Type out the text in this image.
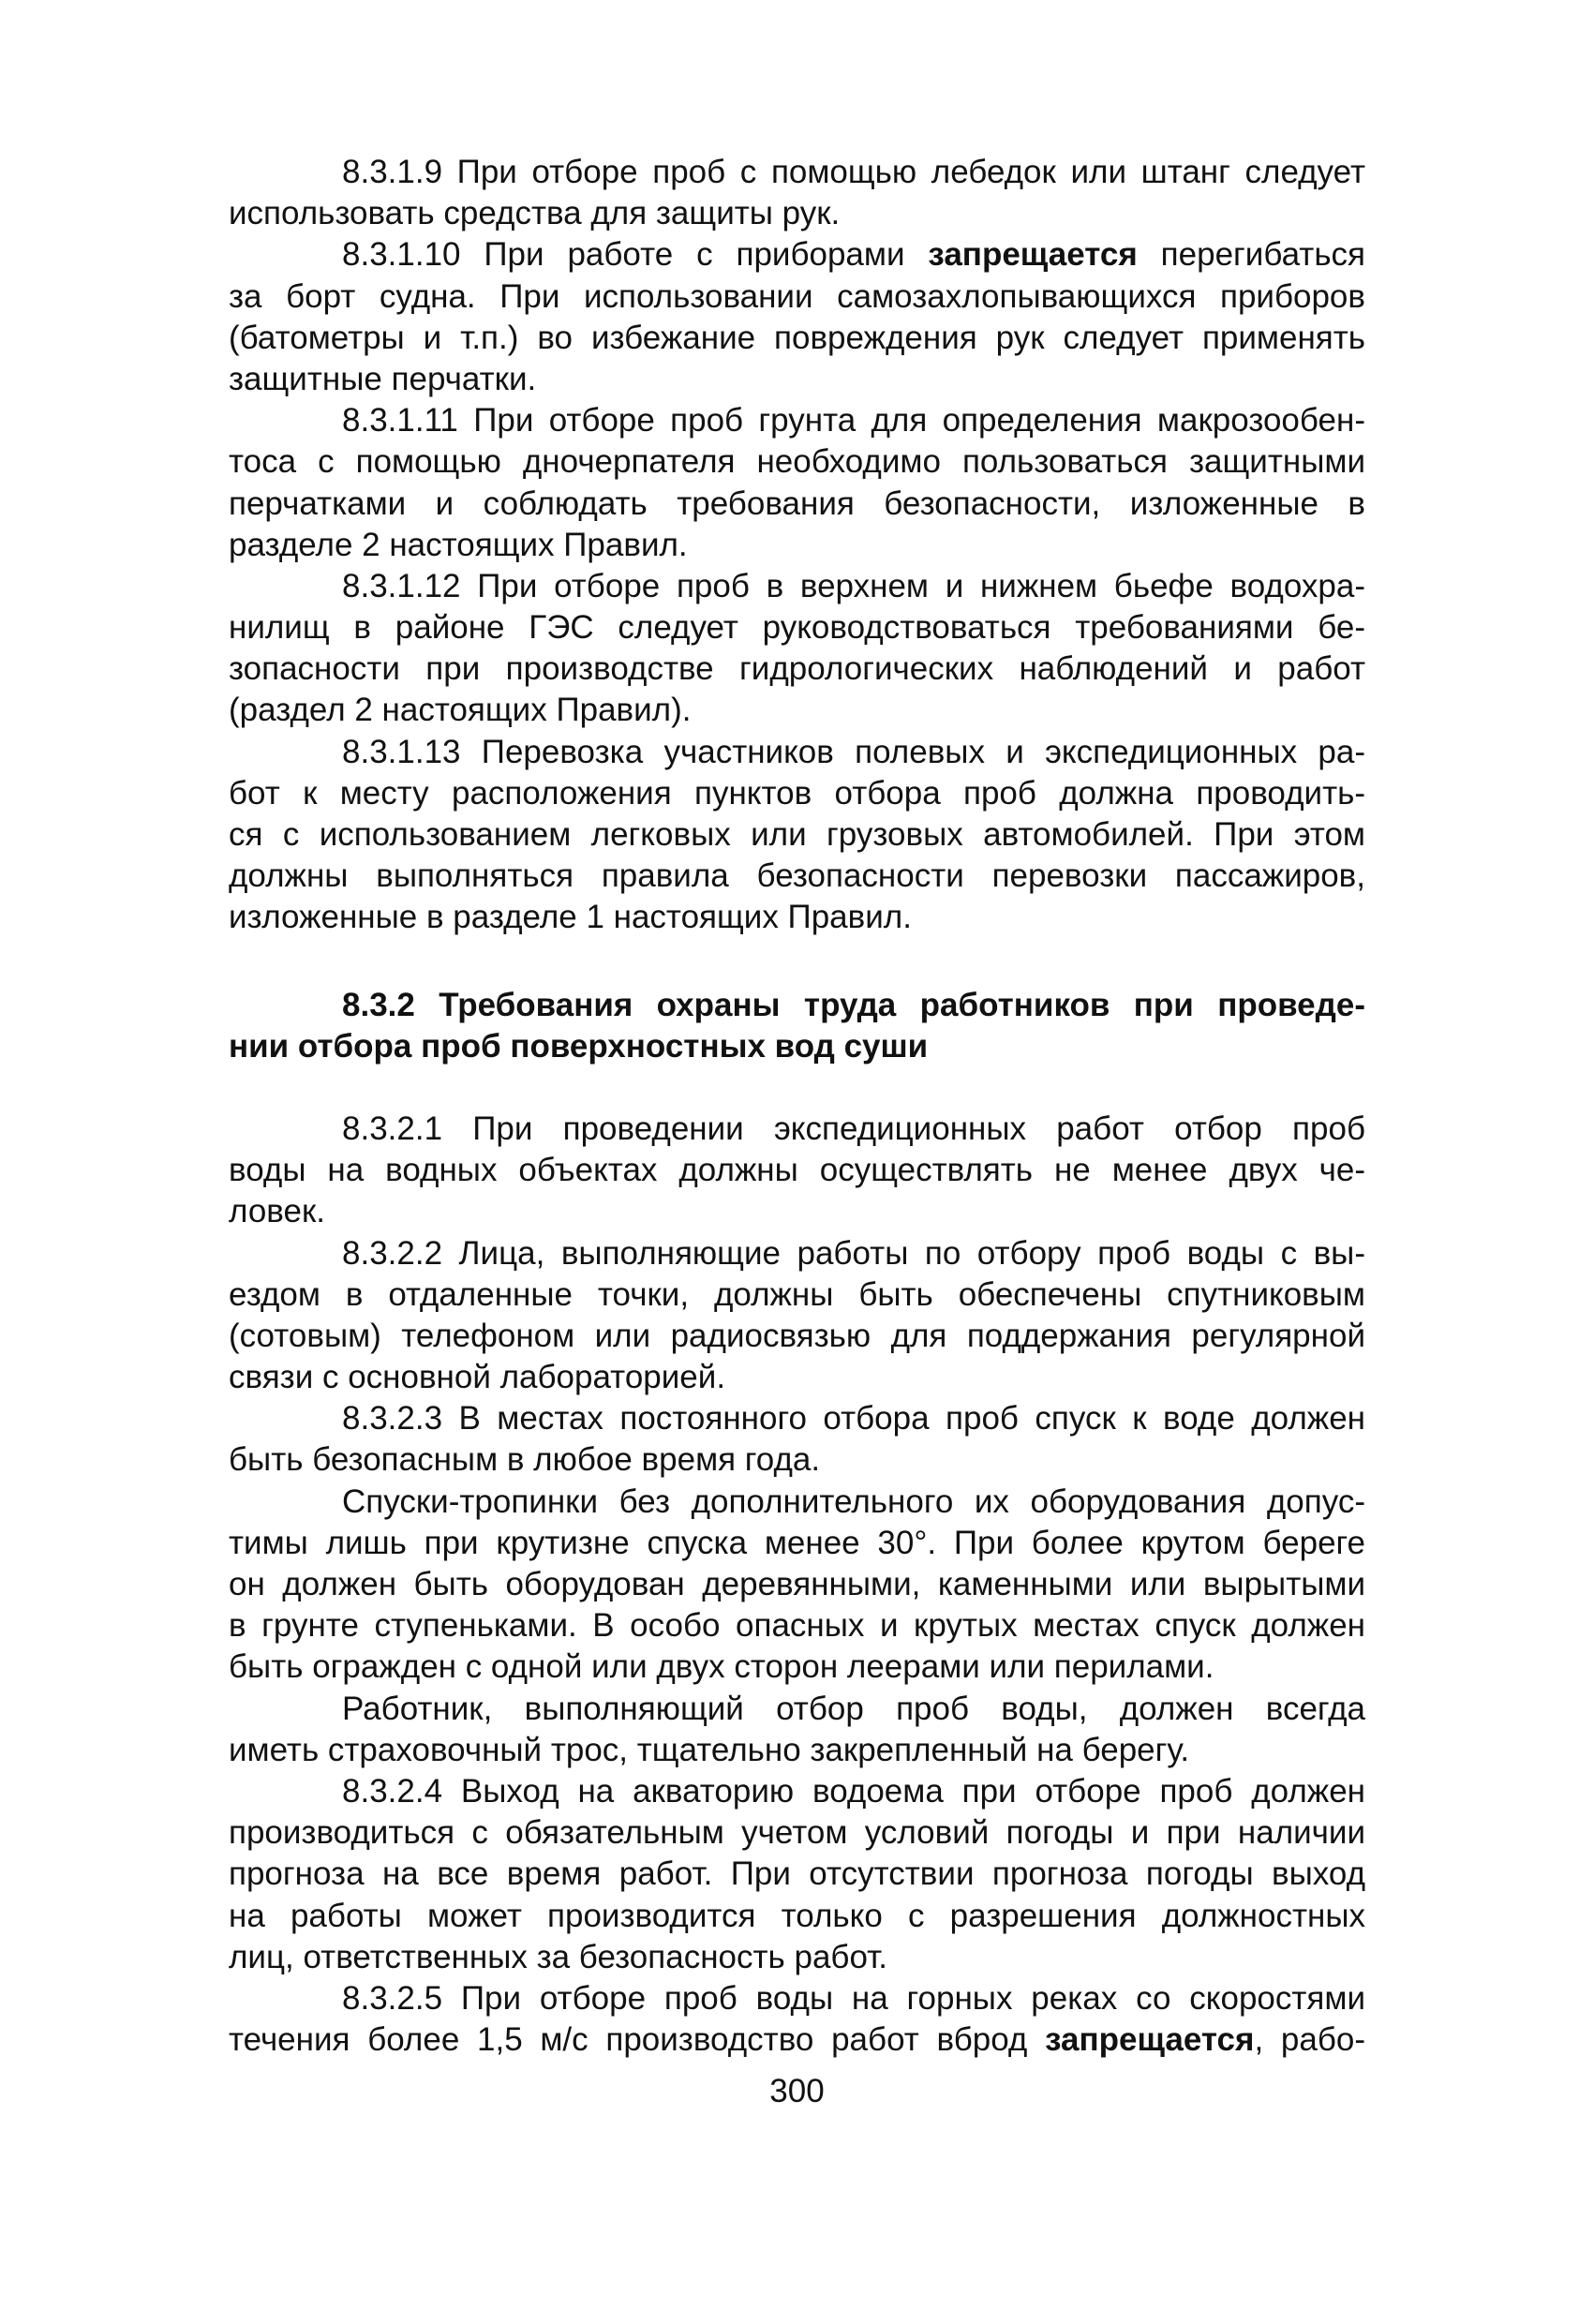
8.3.1.9 При отборе проб с помощью лебедок или штанг следует
использовать средства для защиты рук.
8.3.1.10 При работе с приборами запрещается перегибаться
за борт судна. При использовании самозахлопывающихся приборов
(батометры и т.п.) во избежание повреждения рук следует применять
защитные перчатки.
8.3.1.11 При отборе проб грунта для определения макрозообен-
тоса с помощью дночерпателя необходимо пользоваться защитными
перчатками и соблюдать требования безопасности, изложенные в
разделе 2 настоящих Правил.
8.3.1.12 При отборе проб в верхнем и нижнем бьефе водохра-
нилищ в районе ГЭС следует руководствоваться требованиями бе-
зопасности при производстве гидрологических наблюдений и работ
(раздел 2 настоящих Правил).
8.3.1.13 Перевозка участников полевых и экспедиционных ра-
бот к месту расположения пунктов отбора проб должна проводить-
ся с использованием легковых или грузовых автомобилей. При этом
должны выполняться правила безопасности перевозки пассажиров,
изложенные в разделе 1 настоящих Правил.
8.3.2 Требования охраны труда работников при проведе-
нии отбора проб поверхностных вод суши
8.3.2.1 При проведении экспедиционных работ отбор проб
воды на водных объектах должны осуществлять не менее двух че-
ловек.
8.3.2.2 Лица, выполняющие работы по отбору проб воды с вы-
ездом в отдаленные точки, должны быть обеспечены спутниковым
(сотовым) телефоном или радиосвязью для поддержания регулярной
связи с основной лабораторией.
8.3.2.3 В местах постоянного отбора проб спуск к воде должен
быть безопасным в любое время года.
Спуски-тропинки без дополнительного их оборудования допус-
тимы лишь при крутизне спуска менее 30°. При более крутом береге
он должен быть оборудован деревянными, каменными или вырытыми
в грунте ступеньками. В особо опасных и крутых местах спуск должен
быть огражден с одной или двух сторон леерами или перилами.
Работник, выполняющий отбор проб воды, должен всегда
иметь страховочный трос, тщательно закрепленный на берегу.
8.3.2.4 Выход на акваторию водоема при отборе проб должен
производиться с обязательным учетом условий погоды и при наличии
прогноза на все время работ. При отсутствии прогноза погоды выход
на работы может производится только с разрешения должностных
лиц, ответственных за безопасность работ.
8.3.2.5 При отборе проб воды на горных реках со скоростями
течения более 1,5 м/с производство работ вброд запрещается, рабо-
300
